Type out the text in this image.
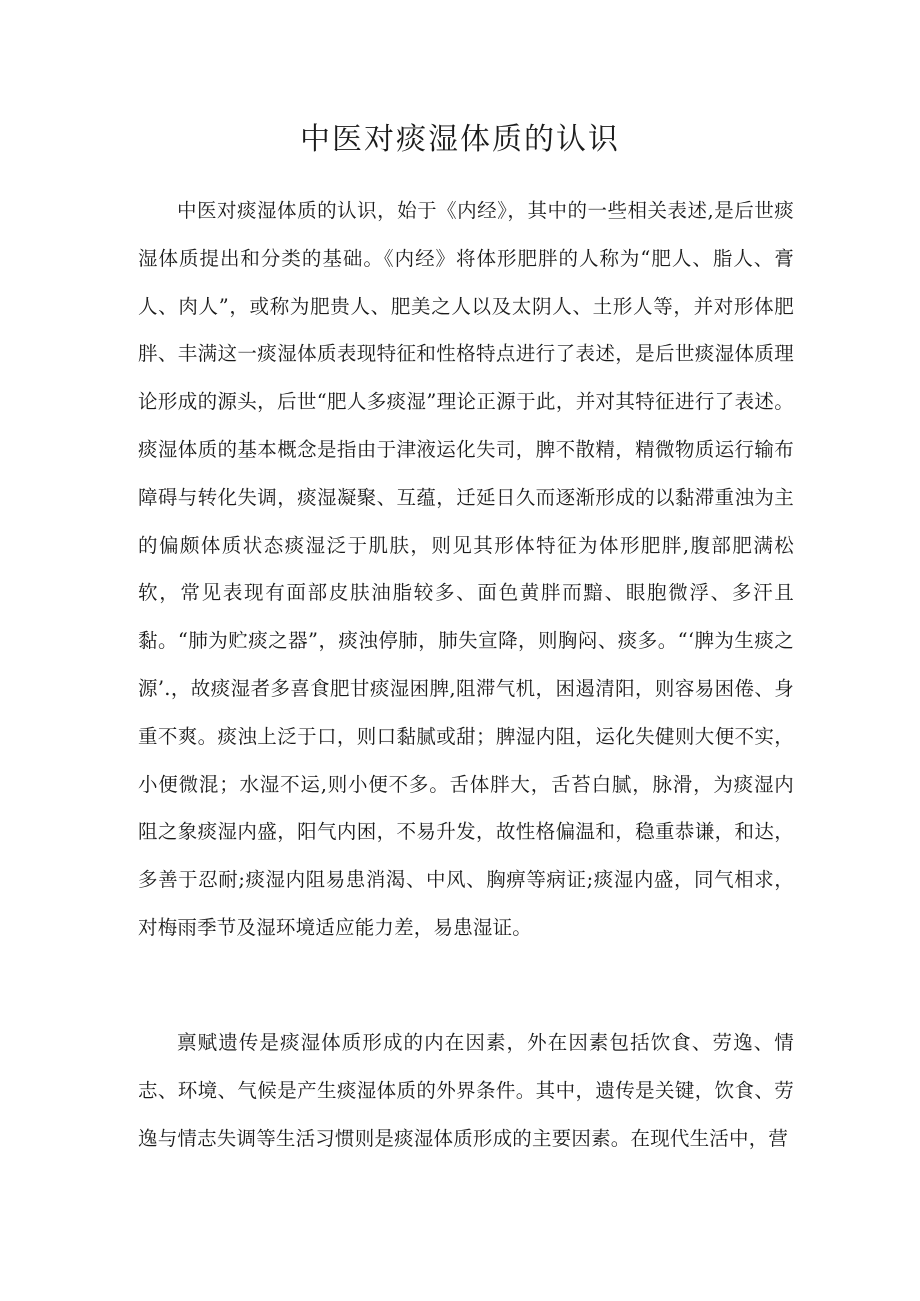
中医对痰湿体质的认识

中医对痰湿体质的认识，始于《内经》，其中的一些相关表述,是后世痰湿体质提出和分类的基础。《内经》将体形肥胖的人称为“肥人、脂人、膏人、肉人”，或称为肥贵人、肥美之人以及太阴人、土形人等，并对形体肥胖、丰满这一痰湿体质表现特征和性格特点进行了表述，是后世痰湿体质理论形成的源头，后世“肥人多痰湿”理论正源于此，并对其特征进行了表述。痰湿体质的基本概念是指由于津液运化失司，脾不散精，精微物质运行输布障碍与转化失调，痰湿凝聚、互蕴，迁延日久而逐渐形成的以黏滞重浊为主的偏颇体质状态痰湿泛于肌肤，则见其形体特征为体形肥胖,腹部肥满松软，常见表现有面部皮肤油脂较多、面色黄胖而黯、眼胞微浮、多汗且黏。“肺为贮痰之器”，痰浊停肺，肺失宣降，则胸闷、痰多。“‘脾为生痰之源’.，故痰湿者多喜食肥甘痰湿困脾,阻滞气机，困遏清阳，则容易困倦、身重不爽。痰浊上泛于口，则口黏腻或甜；脾湿内阻，运化失健则大便不实，小便微混；水湿不运,则小便不多。舌体胖大，舌苔白腻，脉滑，为痰湿内阻之象痰湿内盛，阳气内困，不易升发，故性格偏温和，稳重恭谦，和达，多善于忍耐;痰湿内阻易患消渴、中风、胸痹等病证;痰湿内盛，同气相求，对梅雨季节及湿环境适应能力差，易患湿证。

禀赋遗传是痰湿体质形成的内在因素，外在因素包括饮食、劳逸、情志、环境、气候是产生痰湿体质的外界条件。其中，遗传是关键，饮食、劳逸与情志失调等生活习惯则是痰湿体质形成的主要因素。在现代生活中，营
